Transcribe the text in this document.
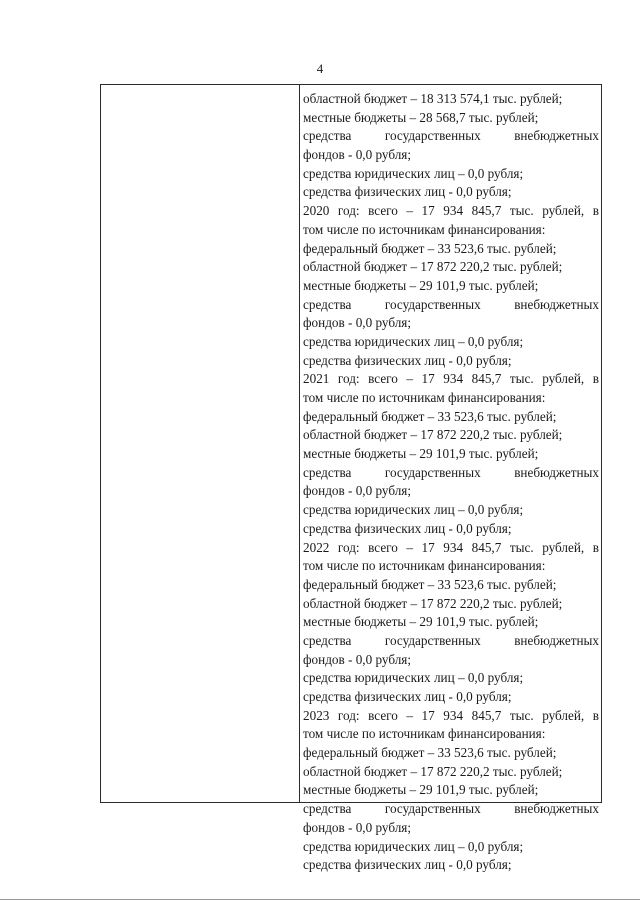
4
областной бюджет – 18 313 574,1 тыс. рублей;
местные бюджеты – 28 568,7 тыс. рублей;
средства государственных внебюджетных
фондов - 0,0 рубля;
средства юридических лиц – 0,0 рубля;
средства физических лиц - 0,0 рубля;
2020 год: всего – 17 934 845,7 тыс. рублей, в
том числе по источникам финансирования:
федеральный бюджет – 33 523,6 тыс. рублей;
областной бюджет – 17 872 220,2 тыс. рублей;
местные бюджеты – 29 101,9 тыс. рублей;
средства государственных внебюджетных
фондов - 0,0 рубля;
средства юридических лиц – 0,0 рубля;
средства физических лиц - 0,0 рубля;
2021 год: всего – 17 934 845,7 тыс. рублей, в
том числе по источникам финансирования:
федеральный бюджет – 33 523,6 тыс. рублей;
областной бюджет – 17 872 220,2 тыс. рублей;
местные бюджеты – 29 101,9 тыс. рублей;
средства государственных внебюджетных
фондов - 0,0 рубля;
средства юридических лиц – 0,0 рубля;
средства физических лиц - 0,0 рубля;
2022 год: всего – 17 934 845,7 тыс. рублей, в
том числе по источникам финансирования:
федеральный бюджет – 33 523,6 тыс. рублей;
областной бюджет – 17 872 220,2 тыс. рублей;
местные бюджеты – 29 101,9 тыс. рублей;
средства государственных внебюджетных
фондов - 0,0 рубля;
средства юридических лиц – 0,0 рубля;
средства физических лиц - 0,0 рубля;
2023 год: всего – 17 934 845,7 тыс. рублей, в
том числе по источникам финансирования:
федеральный бюджет – 33 523,6 тыс. рублей;
областной бюджет – 17 872 220,2 тыс. рублей;
местные бюджеты – 29 101,9 тыс. рублей;
средства государственных внебюджетных
фондов - 0,0 рубля;
средства юридических лиц – 0,0 рубля;
средства физических лиц - 0,0 рубля;
